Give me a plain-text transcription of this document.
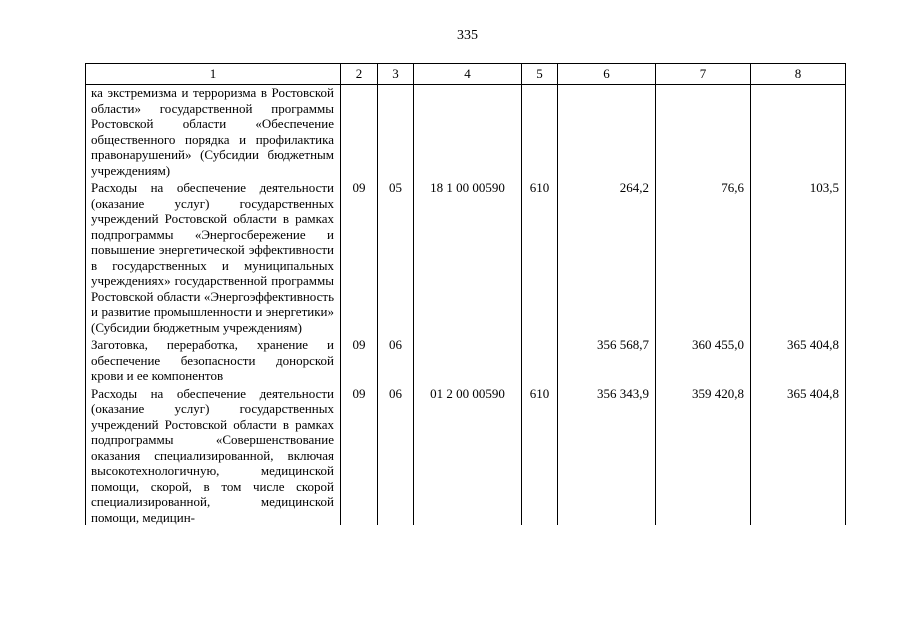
335
1	2	3	4	5	6	7	8
ка экстремизма и терроризма в Ростовской области» государственной программы Ростовской области «Обеспечение общественного порядка и профилактика правонарушений» (Субсидии бюджетным учреждениям)							
Расходы на обеспечение деятельности (оказание услуг) государственных учреждений Ростовской области в рамках подпрограммы «Энергосбережение и повышение энергетической эффективности в государственных и муниципальных учреждениях» государственной программы Ростовской области «Энергоэффективность и развитие промышленности и энергетики» (Субсидии бюджетным учреждениям)	09	05	18 1 00 00590	610	264,2	76,6	103,5
Заготовка, переработка, хранение и обеспечение безопасности донорской крови и ее компонентов	09	06			356 568,7	360 455,0	365 404,8
Расходы на обеспечение деятельности (оказание услуг) государственных учреждений Ростовской области в рамках подпрограммы «Совершенствование оказания специализированной, включая высокотехнологичную, медицинской помощи, скорой, в том числе скорой специализированной, медицинской помощи, медицин-	09	06	01 2 00 00590	610	356 343,9	359 420,8	365 404,8
